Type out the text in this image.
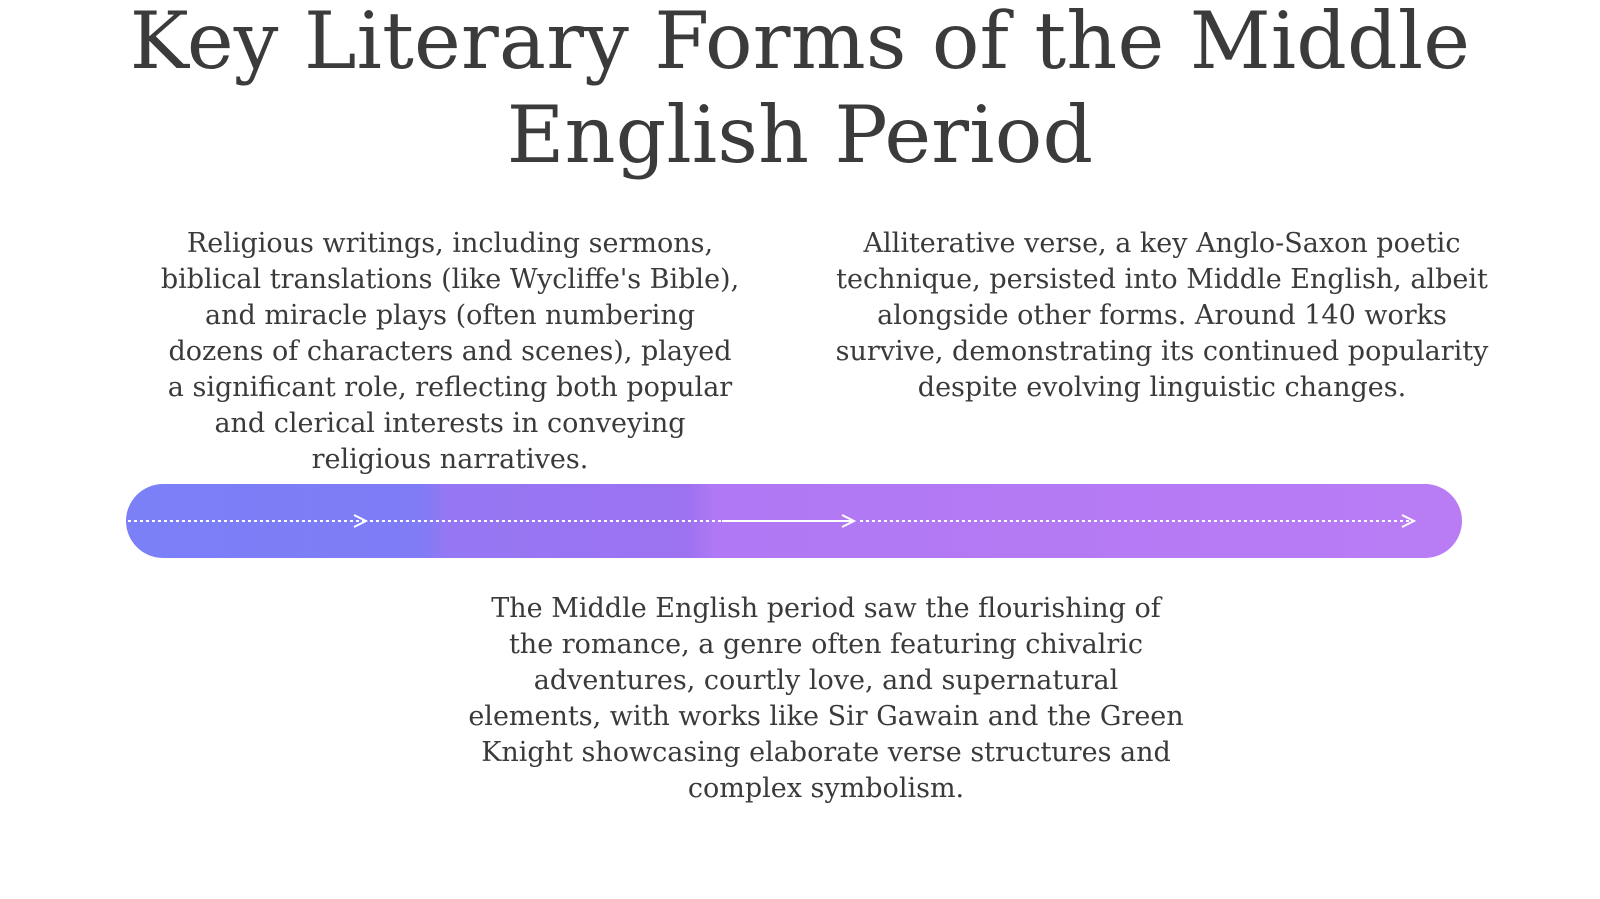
Key Literary Forms of the Middle English Period

Religious writings, including sermons, biblical translations (like Wycliffe's Bible), and miracle plays (often numbering dozens of characters and scenes), played a significant role, reflecting both popular and clerical interests in conveying religious narratives.

Alliterative verse, a key Anglo-Saxon poetic technique, persisted into Middle English, albeit alongside other forms. Around 140 works survive, demonstrating its continued popularity despite evolving linguistic changes.

The Middle English period saw the flourishing of the romance, a genre often featuring chivalric adventures, courtly love, and supernatural elements, with works like Sir Gawain and the Green Knight showcasing elaborate verse structures and complex symbolism.
